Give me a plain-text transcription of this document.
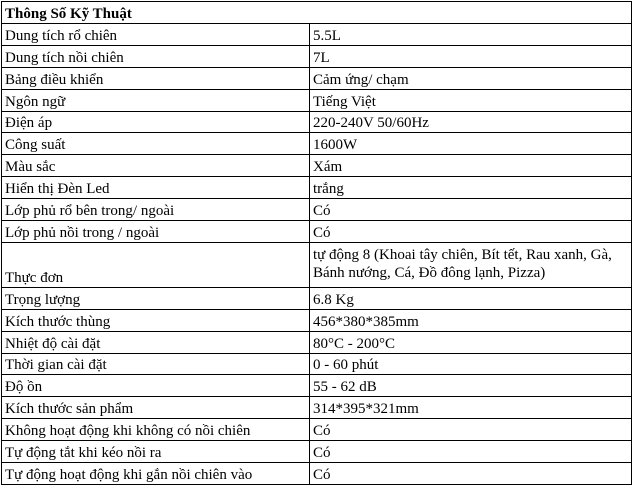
Thông Số Kỹ Thuật	
Dung tích rổ chiên	5.5L
Dung tích nồi chiên	7L
Bảng điều khiển	Cảm ứng/ chạm
Ngôn ngữ	Tiếng Việt
Điện áp	220-240V 50/60Hz
Công suất	1600W
Màu sắc	Xám
Hiển thị Đèn Led	trắng
Lớp phủ rổ bên trong/ ngoài	Có
Lớp phủ nồi trong / ngoài	Có
Thực đơn	tự động 8 (Khoai tây chiên, Bít tết, Rau xanh, Gà, Bánh nướng, Cá, Đồ đông lạnh, Pizza)
Trọng lượng	6.8 Kg
Kích thước thùng	456*380*385mm
Nhiệt độ cài đặt	80°C - 200°C
Thời gian cài đặt	0 - 60 phút
Độ ồn	55 - 62 dB
Kích thước sản phẩm	314*395*321mm
Không hoạt động khi không có nồi chiên	Có
Tự động tắt khi kéo nồi ra	Có
Tự động hoạt động khi gắn nồi chiên vào	Có
